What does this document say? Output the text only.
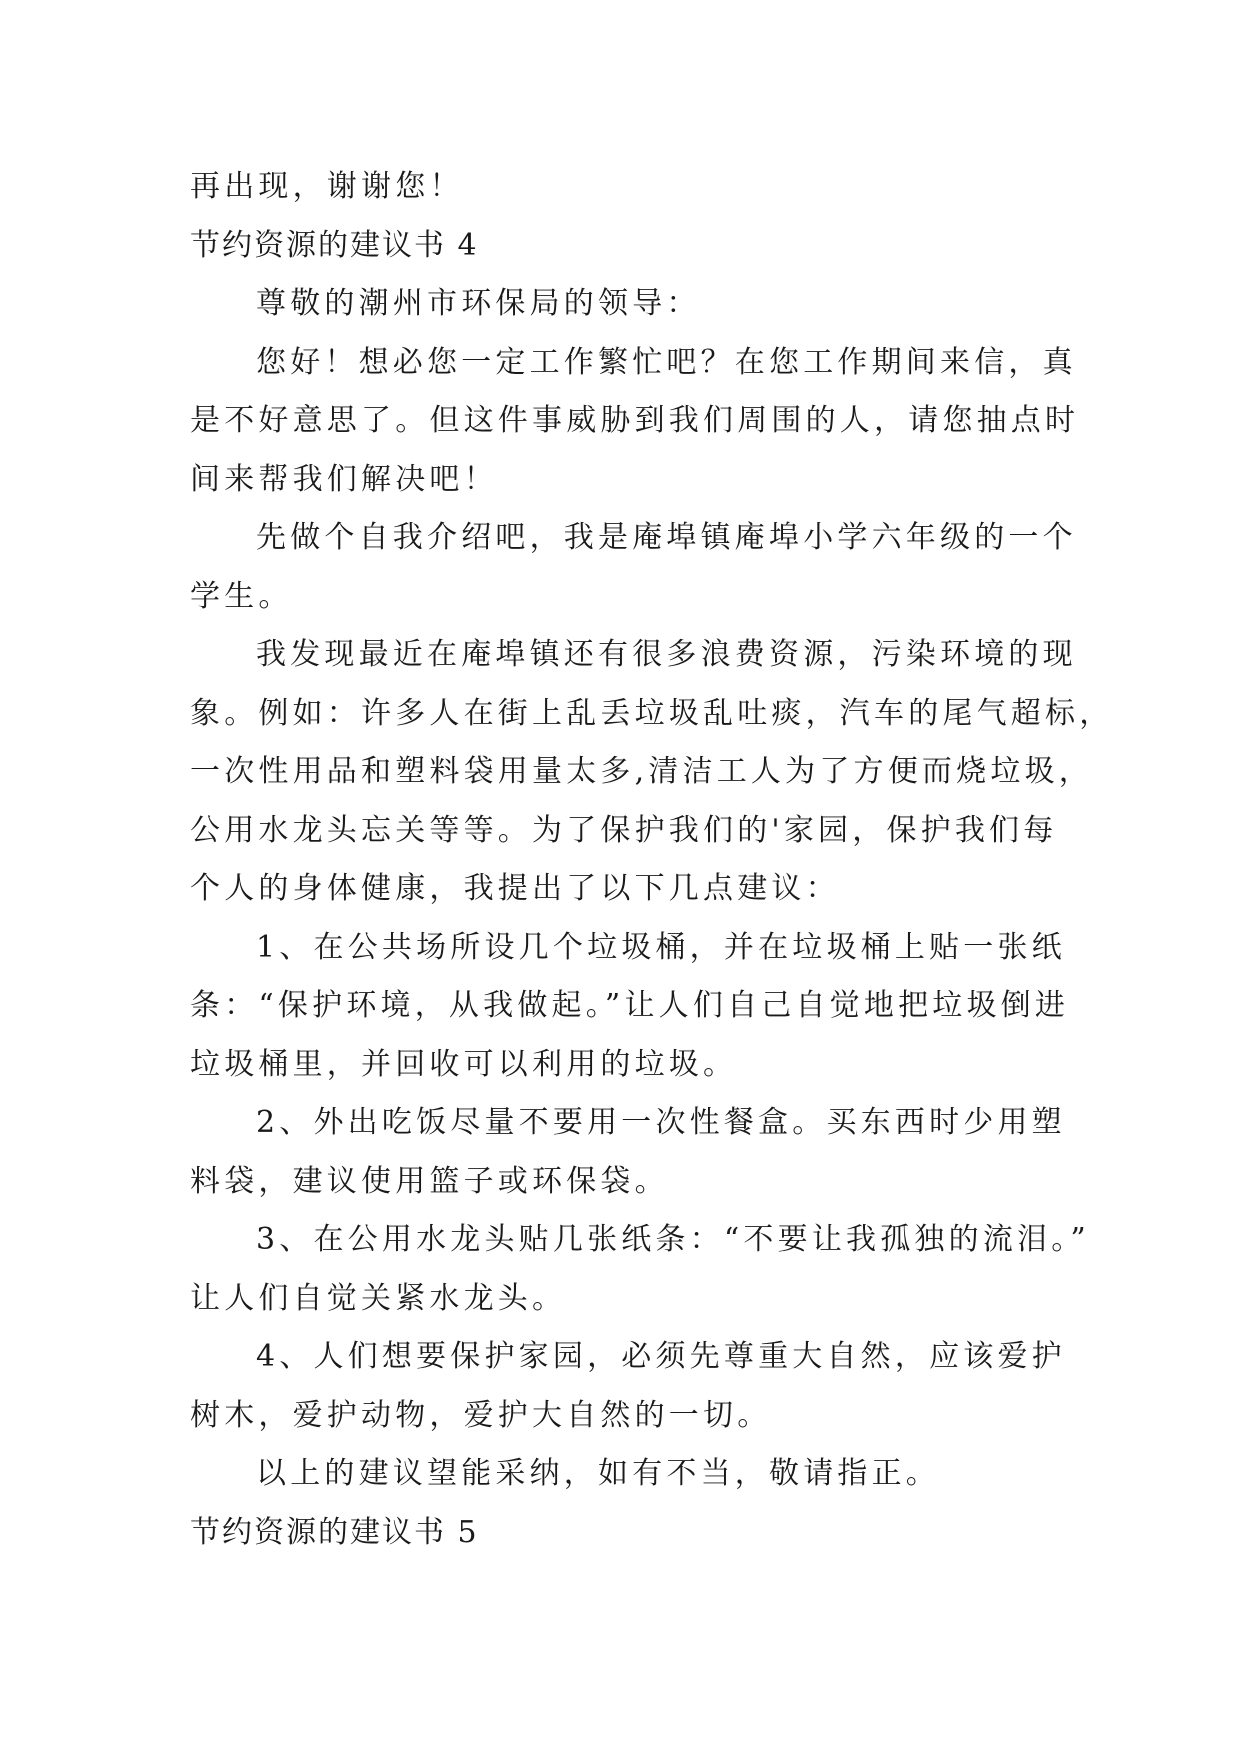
再出现，谢谢您！
节约资源的建议书 4
尊敬的潮州市环保局的领导：
您好！想必您一定工作繁忙吧？在您工作期间来信，真
是不好意思了。但这件事威胁到我们周围的人，请您抽点时
间来帮我们解决吧！
先做个自我介绍吧，我是庵埠镇庵埠小学六年级的一个
学生。
我发现最近在庵埠镇还有很多浪费资源，污染环境的现
象。例如：许多人在街上乱丢垃圾乱吐痰，汽车的尾气超标，
一次性用品和塑料袋用量太多,清洁工人为了方便而烧垃圾，
公用水龙头忘关等等。为了保护我们的'家园，保护我们每
个人的身体健康，我提出了以下几点建议：
1、在公共场所设几个垃圾桶，并在垃圾桶上贴一张纸
条：“保护环境，从我做起。”让人们自己自觉地把垃圾倒进
垃圾桶里，并回收可以利用的垃圾。
2、外出吃饭尽量不要用一次性餐盒。买东西时少用塑
料袋，建议使用篮子或环保袋。
3、在公用水龙头贴几张纸条：“不要让我孤独的流泪。”
让人们自觉关紧水龙头。
4、人们想要保护家园，必须先尊重大自然，应该爱护
树木，爱护动物，爱护大自然的一切。
以上的建议望能采纳，如有不当，敬请指正。
节约资源的建议书 5
